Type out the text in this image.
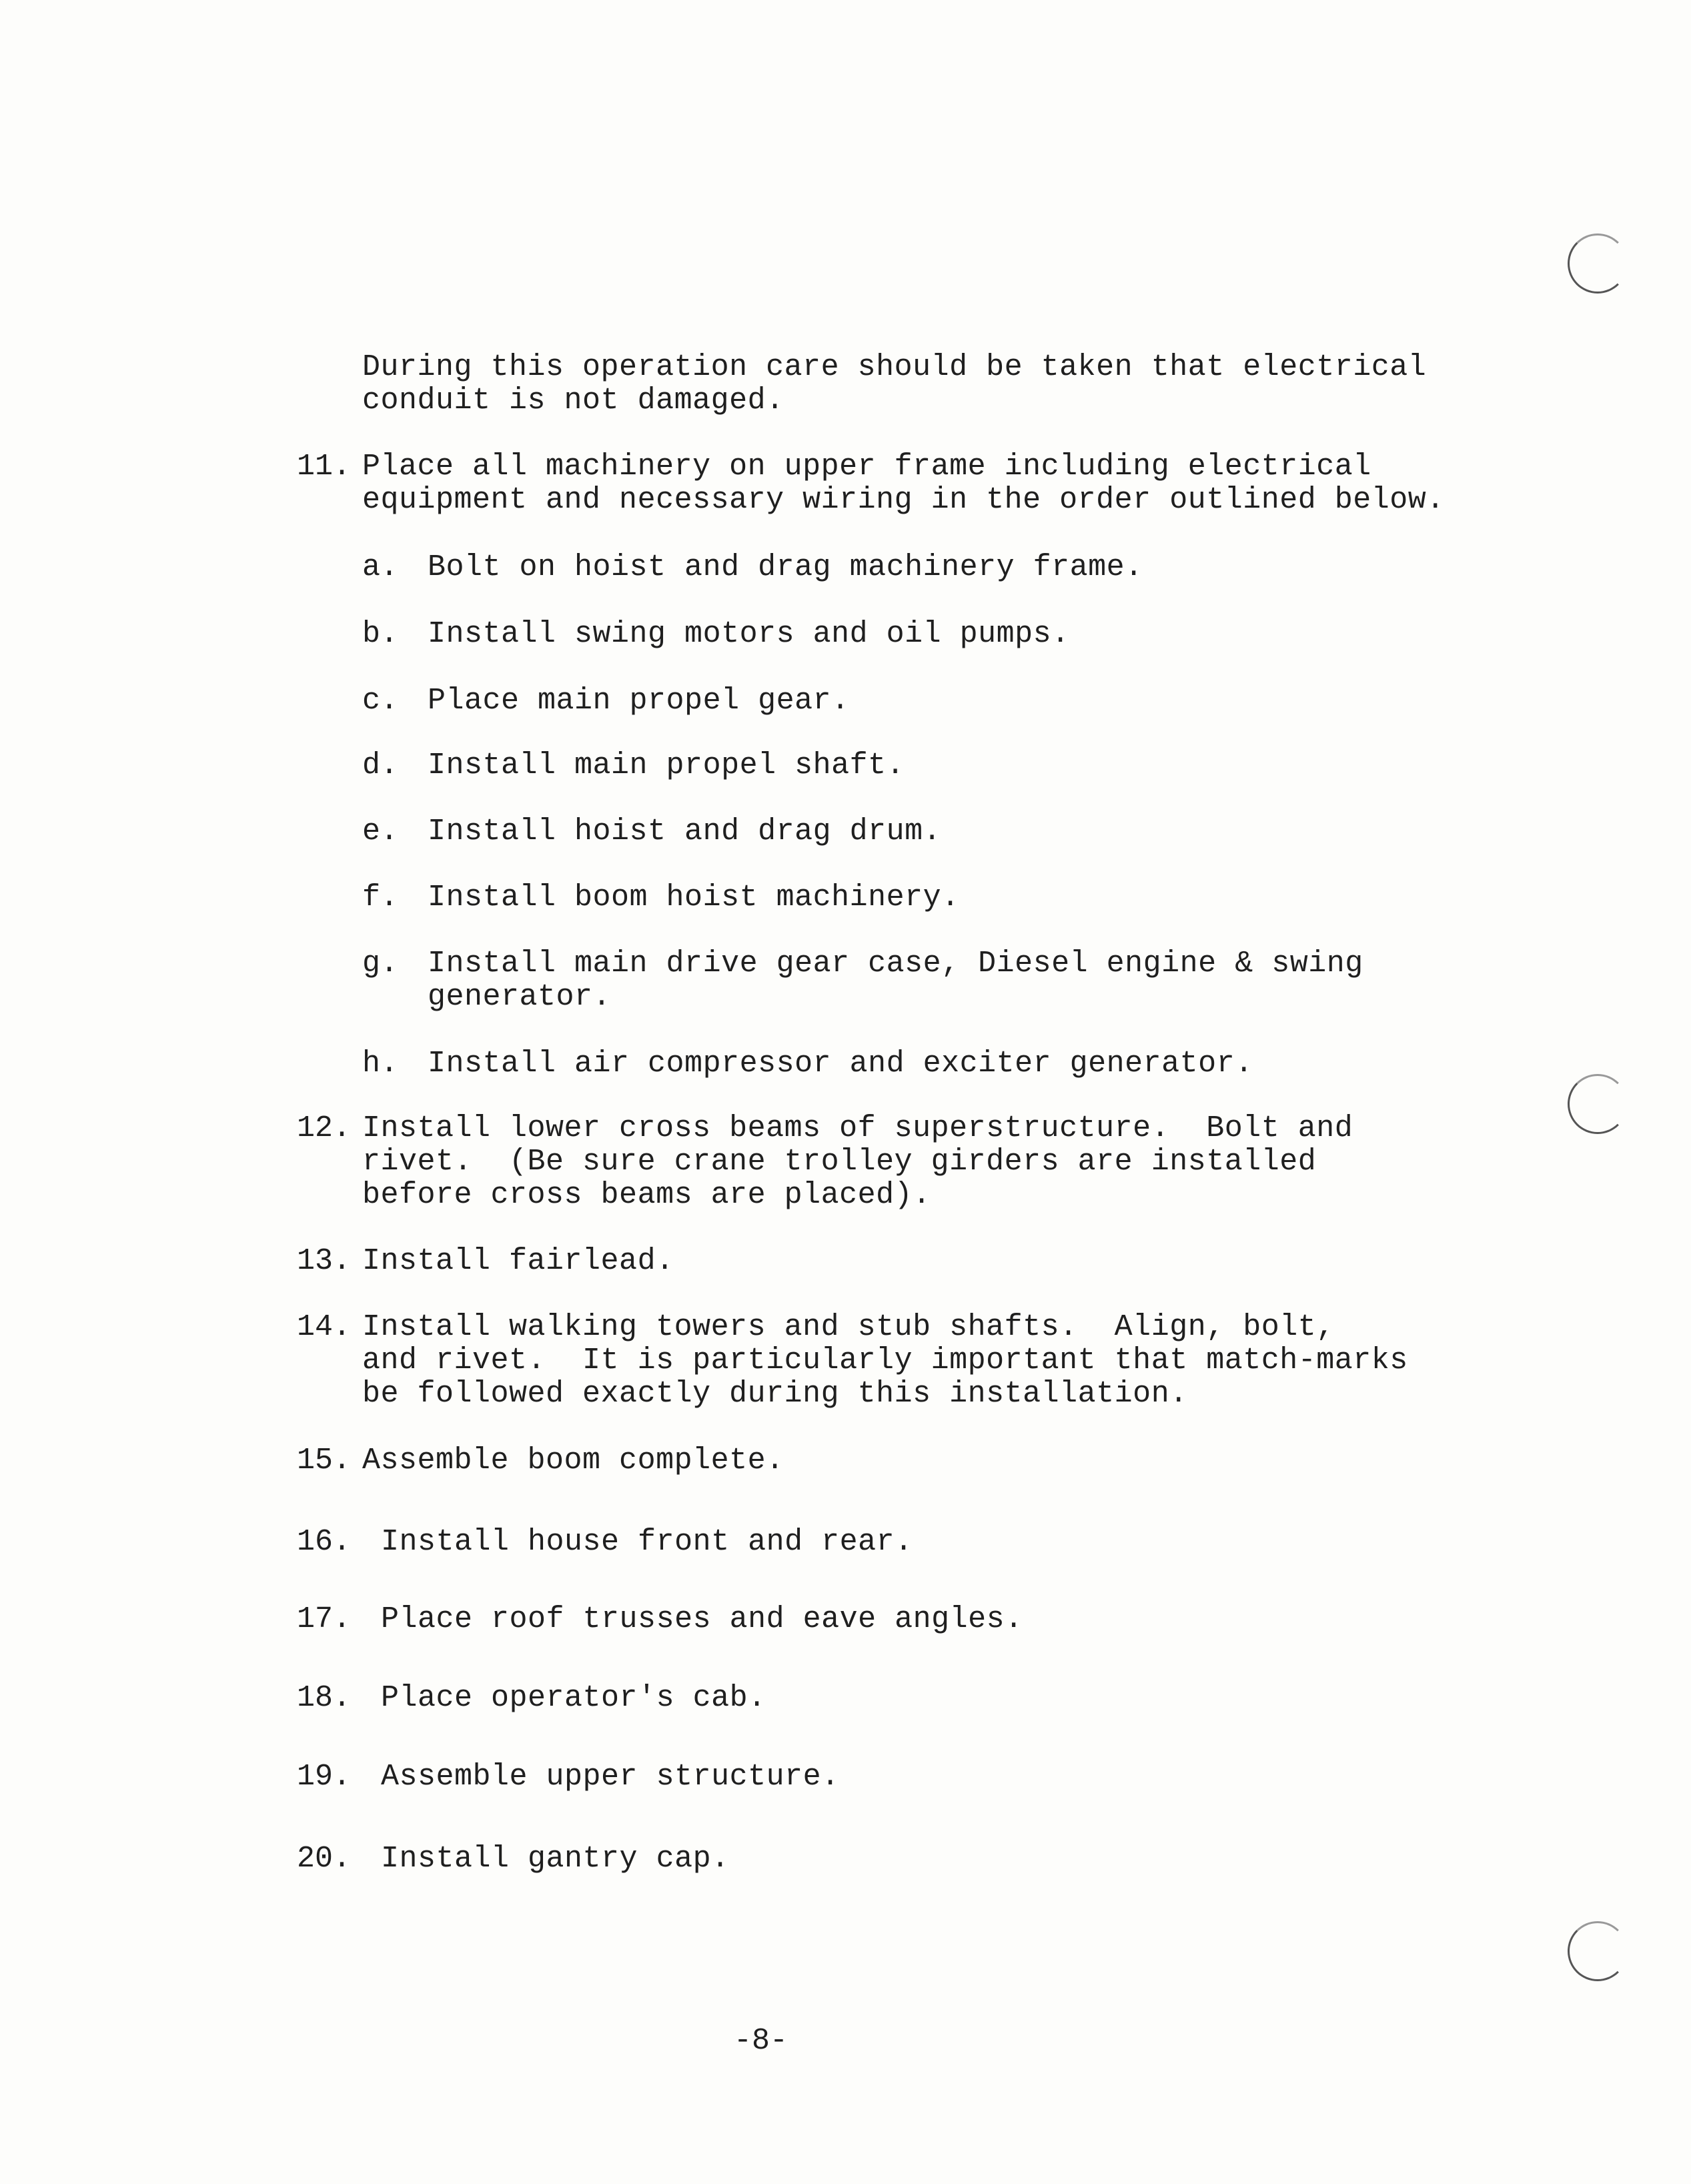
During this operation care should be taken that electrical
conduit is not damaged.
11. Place all machinery on upper frame including electrical
equipment and necessary wiring in the order outlined below.
a. Bolt on hoist and drag machinery frame.
b. Install swing motors and oil pumps.
c. Place main propel gear.
d. Install main propel shaft.
e. Install hoist and drag drum.
f. Install boom hoist machinery.
g. Install main drive gear case, Diesel engine & swing
generator.
h. Install air compressor and exciter generator.
12. Install lower cross beams of superstructure.  Bolt and
rivet.  (Be sure crane trolley girders are installed
before cross beams are placed).
13. Install fairlead.
14. Install walking towers and stub shafts.  Align, bolt,
and rivet.  It is particularly important that match-marks
be followed exactly during this installation.
15. Assemble boom complete.
16. Install house front and rear.
17. Place roof trusses and eave angles.
18. Place operator's cab.
19. Assemble upper structure.
20. Install gantry cap.
-8-
